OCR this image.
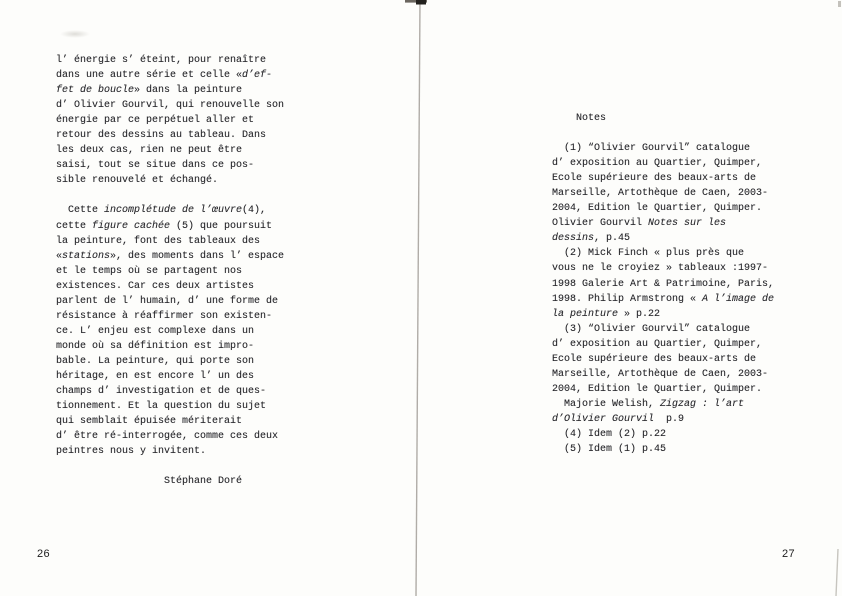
l’ énergie s’ éteint, pour renaître
dans une autre série et celle «d’ef-
fet de boucle» dans la peinture
d’ Olivier Gourvil, qui renouvelle son
énergie par ce perpétuel aller et
retour des dessins au tableau. Dans
les deux cas, rien ne peut être
saisi, tout se situe dans ce pos-
sible renouvelé et échangé.

Cette incomplétude de l’œuvre(4),
cette figure cachée (5) que poursuit
la peinture, font des tableaux des
«stations», des moments dans l’ espace
et le temps où se partagent nos
existences. Car ces deux artistes
parlent de l’ humain, d’ une forme de
résistance à réaffirmer son existen-
ce. L’ enjeu est complexe dans un
monde où sa définition est impro-
bable. La peinture, qui porte son
héritage, en est encore l’ un des
champs d’ investigation et de ques-
tionnement. Et la question du sujet
qui semblait épuisée mériterait
d’ être ré-interrogée, comme ces deux
peintres nous y invitent.

Stéphane Doré
26
Notes

(1) “Olivier Gourvil” catalogue
d’ exposition au Quartier, Quimper,
Ecole supérieure des beaux-arts de
Marseille, Artothèque de Caen, 2003-
2004, Edition le Quartier, Quimper.
Olivier Gourvil Notes sur les
dessins, p.45
(2) Mick Finch « plus près que
vous ne le croyiez » tableaux :1997-
1998 Galerie Art & Patrimoine, Paris,
1998. Philip Armstrong « A l’image de
la peinture » p.22
(3) “Olivier Gourvil” catalogue
d’ exposition au Quartier, Quimper,
Ecole supérieure des beaux-arts de
Marseille, Artothèque de Caen, 2003-
2004, Edition le Quartier, Quimper.
Majorie Welish, Zigzag : l’art
d’Olivier Gourvil  p.9
(4) Idem (2) p.22
(5) Idem (1) p.45
27
